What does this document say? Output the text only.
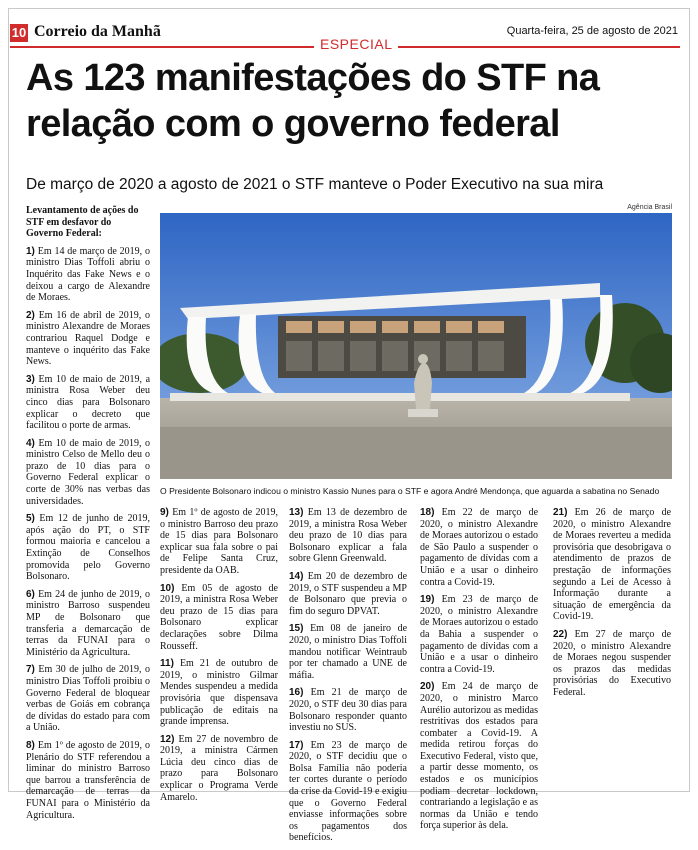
10 Correio da Manhã	Quarta-feira, 25 de agosto de 2021
ESPECIAL
As 123 manifestações do STF na relação com o governo federal
De março de 2020 a agosto de 2021 o STF manteve o Poder Executivo na sua mira

Levantamento de ações do STF em desfavor do Governo Federal:

1) Em 14 de março de 2019, o ministro Dias Toffoli abriu o Inquérito das Fake News e o deixou a cargo de Alexandre de Moraes.

2) Em 16 de abril de 2019, o ministro Alexandre de Moraes contrariou Raquel Dodge e manteve o inquérito das Fake News.

3) Em 10 de maio de 2019, a ministra Rosa Weber deu cinco dias para Bolsonaro explicar o decreto que facilitou o porte de armas.

4) Em 10 de maio de 2019, o ministro Celso de Mello deu o prazo de 10 dias para o Governo Federal explicar o corte de 30% nas verbas das universidades.

5) Em 12 de junho de 2019, após ação do PT, o STF formou maioria e cancelou a Extinção de Conselhos promovida pelo Governo Bolsonaro.

6) Em 24 de junho de 2019, o ministro Barroso suspendeu MP de Bolsonaro que transferia a demarcação de terras da FUNAI para o Ministério da Agricultura.

7) Em 30 de julho de 2019, o ministro Dias Toffoli proibiu o Governo Federal de bloquear verbas de Goiás em cobrança de dívidas do estado para com a União.

8) Em 1º de agosto de 2019, o Plenário do STF referendou a liminar do ministro Barroso que barrou a transferência de demarcação de terras da FUNAI para o Ministério da Agricultura.

Agência Brasil
O Presidente Bolsonaro indicou o ministro Kassio Nunes para o STF e agora André Mendonça, que aguarda a sabatina no Senado

9) Em 1º de agosto de 2019, o ministro Barroso deu prazo de 15 dias para Bolsonaro explicar sua fala sobre o pai de Felipe Santa Cruz, presidente da OAB.

10) Em 05 de agosto de 2019, a ministra Rosa Weber deu prazo de 15 dias para Bolsonaro explicar declarações sobre Dilma Rousseff.

11) Em 21 de outubro de 2019, o ministro Gilmar Mendes suspendeu a medida provisória que dispensava publicação de editais na grande imprensa.

12) Em 27 de novembro de 2019, a ministra Cármen Lúcia deu cinco dias de prazo para Bolsonaro explicar o Programa Verde Amarelo.

13) Em 13 de dezembro de 2019, a ministra Rosa Weber deu prazo de 10 dias para Bolsonaro explicar a fala sobre Glenn Greenwald.

14) Em 20 de dezembro de 2019, o STF suspendeu a MP de Bolsonaro que previa o fim do seguro DPVAT.

15) Em 08 de janeiro de 2020, o ministro Dias Toffoli mandou notificar Weintraub por ter chamado a UNE de máfia.

16) Em 21 de março de 2020, o STF deu 30 dias para Bolsonaro responder quanto investiu no SUS.

17) Em 23 de março de 2020, o STF decidiu que o Bolsa Família não poderia ter cortes durante o período da crise da Covid-19 e exigiu que o Governo Federal enviasse informações sobre os pagamentos dos benefícios.

18) Em 22 de março de 2020, o ministro Alexandre de Moraes autorizou o estado de São Paulo a suspender o pagamento de dívidas com a União e a usar o dinheiro contra a Covid-19.

19) Em 23 de março de 2020, o ministro Alexandre de Moraes autorizou o estado da Bahia a suspender o pagamento de dívidas com a União e a usar o dinheiro contra a Covid-19.

20) Em 24 de março de 2020, o ministro Marco Aurélio autorizou as medidas restritivas dos estados para combater a Covid-19. A medida retirou forças do Executivo Federal, visto que, a partir desse momento, os estados e os municípios podiam decretar lockdown, contrariando a legislação e as normas da União e tendo força superior às dela.

21) Em 26 de março de 2020, o ministro Alexandre de Moraes reverteu a medida provisória que desobrigava o atendimento de prazos de prestação de informações segundo a Lei de Acesso à Informação durante a situação de emergência da Covid-19.

22) Em 27 de março de 2020, o ministro Alexandre de Moraes negou suspender os prazos das medidas provisórias do Executivo Federal.
